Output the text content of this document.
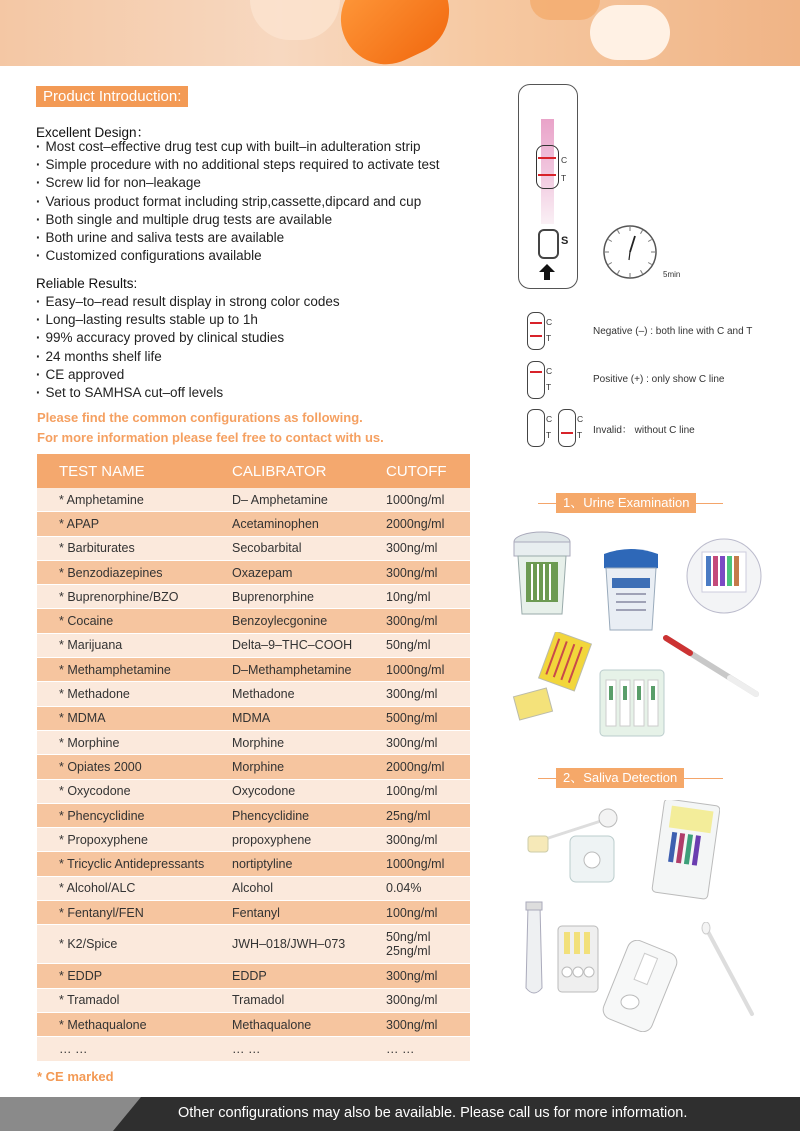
Product Introduction:
Excellent Design：
· Most cost–effective drug test cup with built–in adulteration strip
· Simple procedure with no additional steps required to activate test
· Screw lid for non–leakage
· Various product format including strip,cassette,dipcard and cup
· Both single and multiple drug tests are available
· Both urine and saliva tests are available
· Customized configurations available
Reliable Results:
· Easy–to–read result display in strong color codes
· Long–lasting results stable up to 1h
· 99% accuracy proved by clinical studies
· 24 months shelf life
· CE approved
· Set to SAMHSA cut–off levels
Please find the common configurations as following.
For more information please feel free to contact with us.
TEST NAME	CALIBRATOR	CUTOFF
* Amphetamine	D– Amphetamine	1000ng/ml
* APAP	Acetaminophen	2000ng/ml
* Barbiturates	Secobarbital	300ng/ml
* Benzodiazepines	Oxazepam	300ng/ml
* Buprenorphine/BZO	Buprenorphine	10ng/ml
* Cocaine	Benzoylecgonine	300ng/ml
* Marijuana	Delta–9–THC–COOH	50ng/ml
* Methamphetamine	D–Methamphetamine	1000ng/ml
* Methadone	Methadone	300ng/ml
* MDMA	MDMA	500ng/ml
* Morphine	Morphine	300ng/ml
* Opiates 2000	Morphine	2000ng/ml
* Oxycodone	Oxycodone	100ng/ml
* Phencyclidine	Phencyclidine	25ng/ml
* Propoxyphene	propoxyphene	300ng/ml
* Tricyclic Antidepressants	nortiptyline	1000ng/ml
* Alcohol/ALC	Alcohol	0.04%
* Fentanyl/FEN	Fentanyl	100ng/ml
* K2/Spice	JWH–018/JWH–073	50ng/ml
25ng/ml

* EDDP	EDDP	300ng/ml
* Tramadol	Tramadol	300ng/ml
* Methaqualone	Methaqualone	300ng/ml
… …	… …	… …
* CE marked
C
T
S
5min
C
T
Negative (–) : both line with C and T
C
T
Positive (+) : only show C line
C
T
C
T Invalid： without C line
1、Urine Examination
2、Saliva Detection
Other configurations may also be available. Please call us for more information.
